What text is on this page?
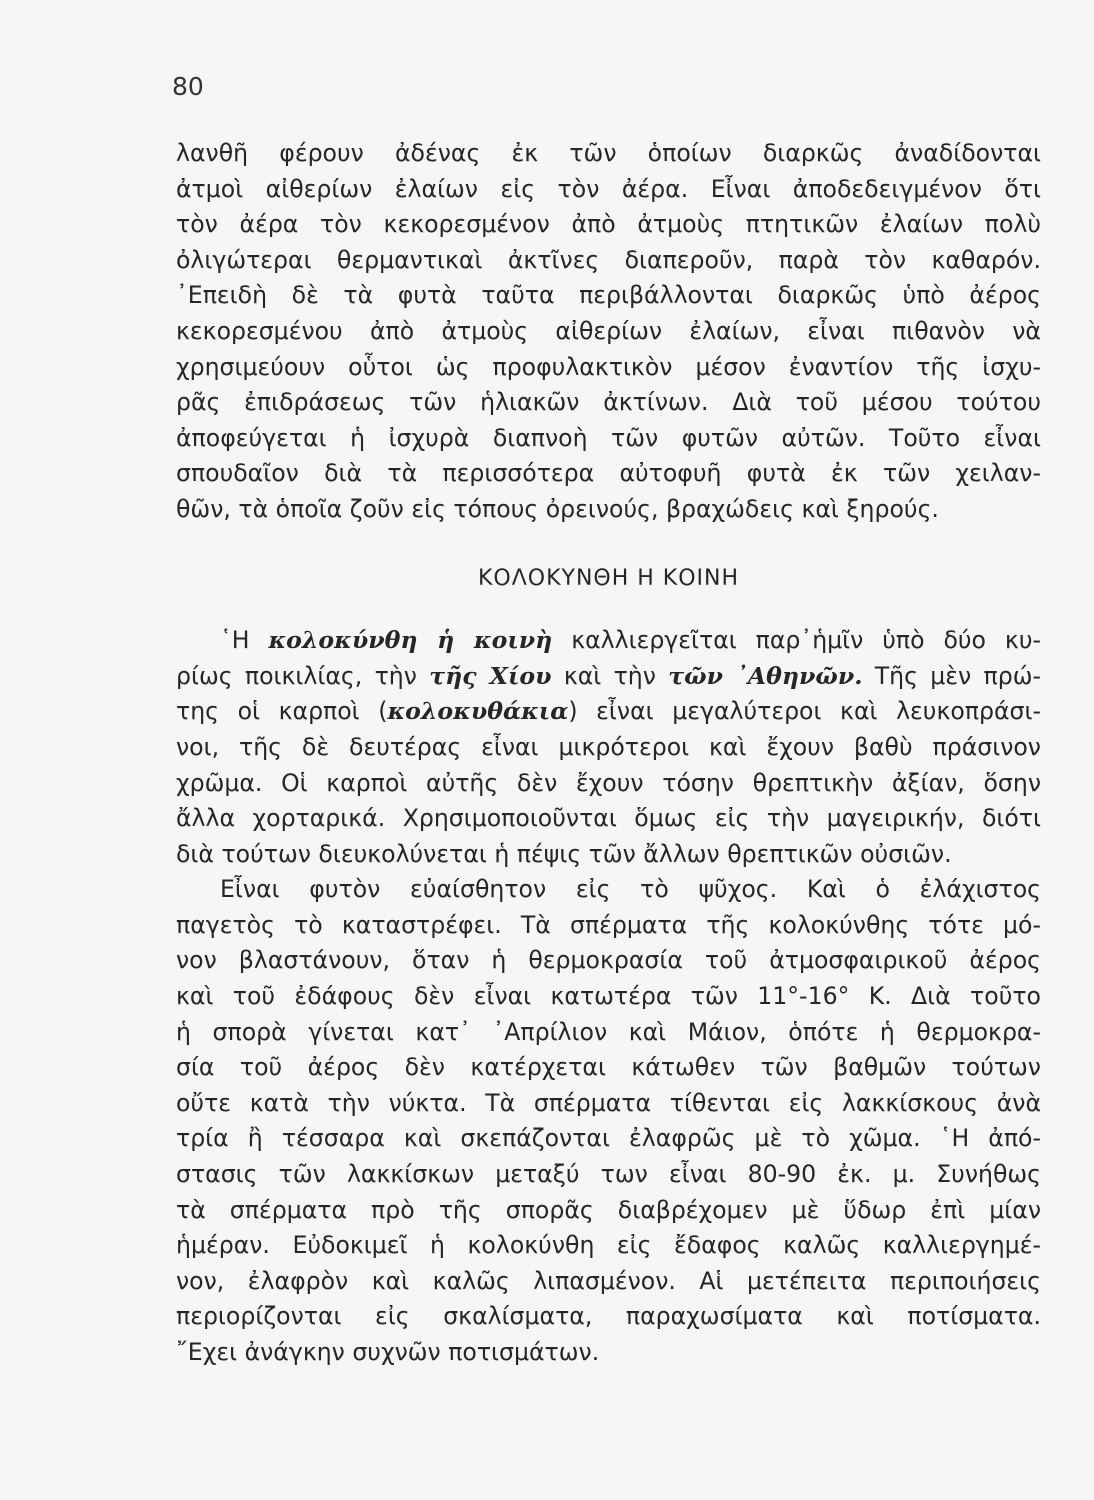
80
λανθῆ φέρουν ἀδένας ἐκ τῶν ὁποίων διαρκῶς ἀναδίδονται
ἀτμοὶ αἰθερίων ἐλαίων εἰς τὸν ἀέρα. Εἶναι ἀποδεδειγμένον ὅτι
τὸν ἀέρα τὸν κεκορεσμένον ἀπὸ ἀτμοὺς πτητικῶν ἐλαίων πολὺ
ὀλιγώτεραι θερμαντικαὶ ἀκτῖνες διαπεροῦν, παρὰ τὸν καθαρόν.
᾿Επειδὴ δὲ τὰ φυτὰ ταῦτα περιβάλλονται διαρκῶς ὑπὸ ἀέρος
κεκορεσμένου ἀπὸ ἀτμοὺς αἰθερίων ἐλαίων, εἶναι πιθανὸν νὰ
χρησιμεύουν οὗτοι ὡς προφυλακτικὸν μέσον ἐναντίον τῆς ἰσχυ-
ρᾶς ἐπιδράσεως τῶν ἡλιακῶν ἀκτίνων. Διὰ τοῦ μέσου τούτου
ἀποφεύγεται ἡ ἰσχυρὰ διαπνοὴ τῶν φυτῶν αὐτῶν. Τοῦτο εἶναι
σπουδαῖον διὰ τὰ περισσότερα αὐτοφυῆ φυτὰ ἐκ τῶν χειλαν-
θῶν, τὰ ὁποῖα ζοῦν εἰς τόπους ὀρεινούς, βραχώδεις καὶ ξηρούς.
ΚΟΛΟΚΥΝΘΗ Η ΚΟΙΝΗ
῾Η κολοκύνθη ἡ κοινὴ καλλιεργεῖται παρ᾿ἡμῖν ὑπὸ δύο κυ-
ρίως ποικιλίας, τὴν τῆς Χίου καὶ τὴν τῶν ᾿Αθηνῶν. Τῆς μὲν πρώ-
της οἱ καρποὶ (κολοκυθάκια) εἶναι μεγαλύτεροι καὶ λευκοπράσι-
νοι, τῆς δὲ δευτέρας εἶναι μικρότεροι καὶ ἔχουν βαθὺ πράσινον
χρῶμα. Οἱ καρποὶ αὐτῆς δὲν ἔχουν τόσην θρεπτικὴν ἀξίαν, ὅσην
ἄλλα χορταρικά. Χρησιμοποιοῦνται ὅμως εἰς τὴν μαγειρικήν, διότι
διὰ τούτων διευκολύνεται ἡ πέψις τῶν ἄλλων θρεπτικῶν οὐσιῶν.
Εἶναι φυτὸν εὐαίσθητον εἰς τὸ ψῦχος. Καὶ ὁ ἐλάχιστος
παγετὸς τὸ καταστρέφει. Τὰ σπέρματα τῆς κολοκύνθης τότε μό-
νον βλαστάνουν, ὅταν ἡ θερμοκρασία τοῦ ἀτμοσφαιρικοῦ ἀέρος
καὶ τοῦ ἐδάφους δὲν εἶναι κατωτέρα τῶν 11°-16° Κ. Διὰ τοῦτο
ἡ σπορὰ γίνεται κατ᾿ ᾿Απρίλιον καὶ Μάιον, ὁπότε ἡ θερμοκρα-
σία τοῦ ἀέρος δὲν κατέρχεται κάτωθεν τῶν βαθμῶν τούτων
οὔτε κατὰ τὴν νύκτα. Τὰ σπέρματα τίθενται εἰς λακκίσκους ἀνὰ
τρία ἢ τέσσαρα καὶ σκεπάζονται ἐλαφρῶς μὲ τὸ χῶμα. ῾Η ἀπό-
στασις τῶν λακκίσκων μεταξύ των εἶναι 80-90 ἐκ. μ. Συνήθως
τὰ σπέρματα πρὸ τῆς σπορᾶς διαβρέχομεν μὲ ὕδωρ ἐπὶ μίαν
ἡμέραν. Εὐδοκιμεῖ ἡ κολοκύνθη εἰς ἔδαφος καλῶς καλλιεργημέ-
νον, ἐλαφρὸν καὶ καλῶς λιπασμένον. Αἱ μετέπειτα περιποιήσεις
περιορίζονται εἰς σκαλίσματα, παραχωσίματα καὶ ποτίσματα.
῎Εχει ἀνάγκην συχνῶν ποτισμάτων.
